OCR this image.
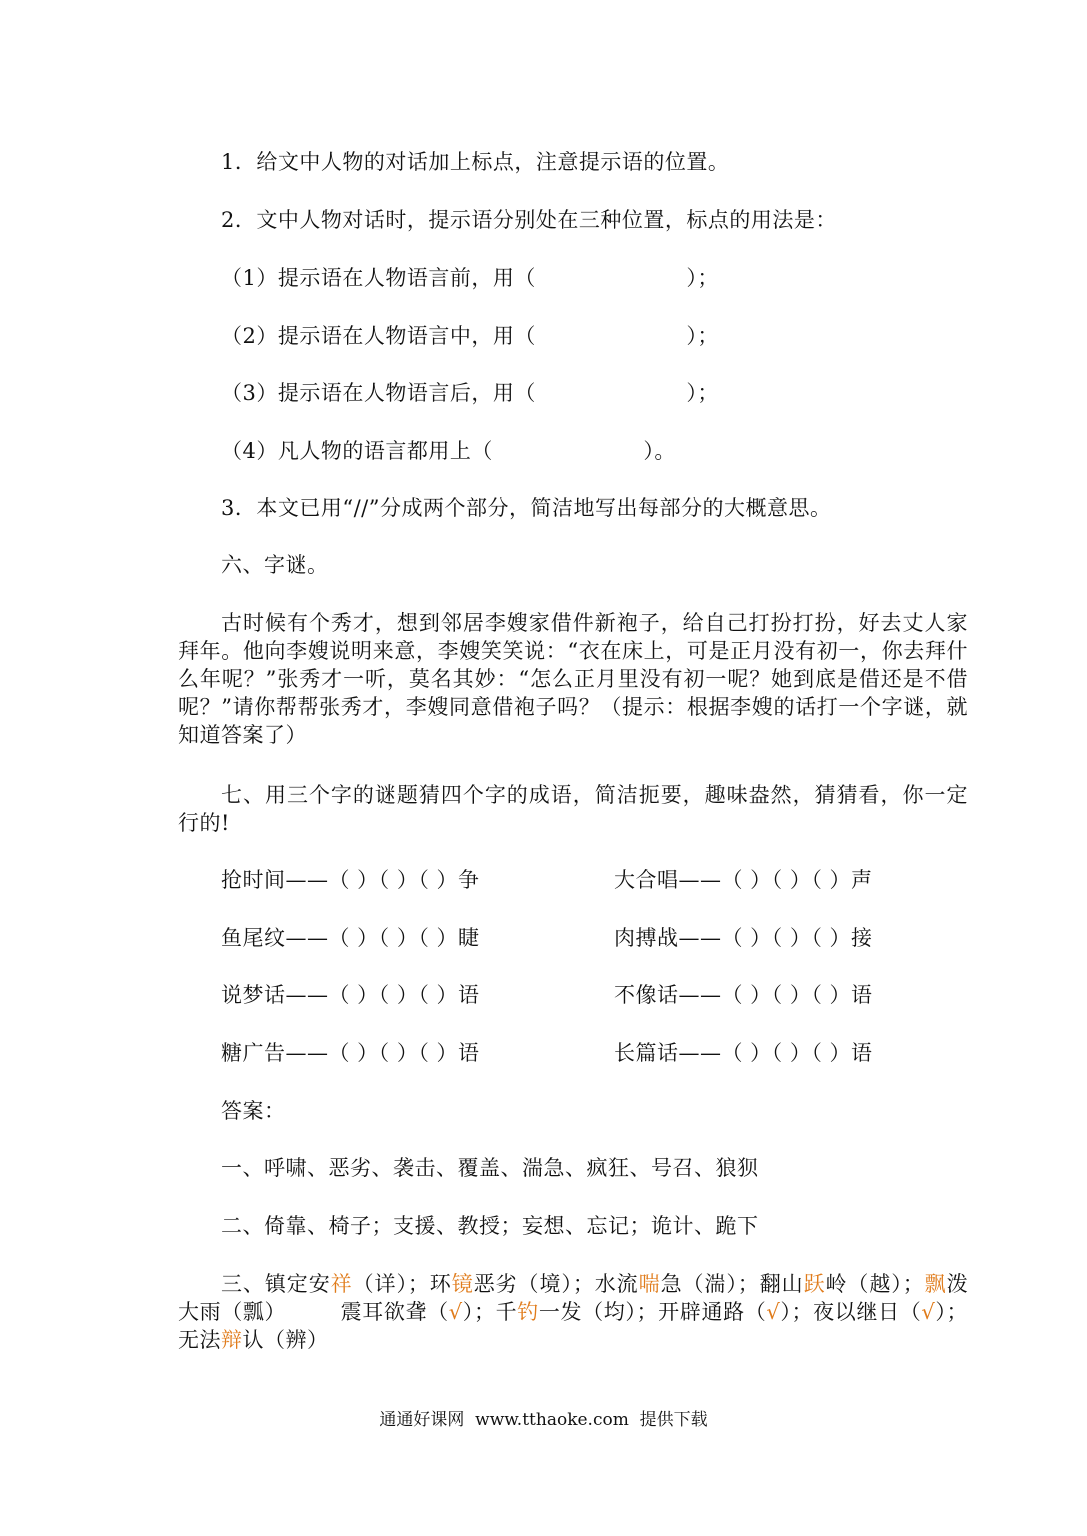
1．给文中人物的对话加上标点，注意提示语的位置。
2．文中人物对话时，提示语分别处在三种位置，标点的用法是：
（1）提示语在人物语言前，用（　　　　　　　）；
（2）提示语在人物语言中，用（　　　　　　　）；
（3）提示语在人物语言后，用（　　　　　　　）；
（4）凡人物的语言都用上（　　　　　　　）。
3．本文已用“//”分成两个部分，简洁地写出每部分的大概意思。
六、字谜。
古时候有个秀才，想到邻居李嫂家借件新袍子，给自己打扮打扮，好去丈人家拜年。他向李嫂说明来意，李嫂笑笑说：“衣在床上，可是正月没有初一，你去拜什么年呢？”张秀才一听，莫名其妙：“怎么正月里没有初一呢？她到底是借还是不借呢？”请你帮帮张秀才，李嫂同意借袍子吗？（提示：根据李嫂的话打一个字谜，就知道答案了）
七、用三个字的谜题猜四个字的成语，简洁扼要，趣味盎然，猜猜看，你一定行的!
抢时间——（ ）（ ）（ ）争	大合唱——（ ）（ ）（ ）声
鱼尾纹——（ ）（ ）（ ）睫	肉搏战——（ ）（ ）（ ）接
说梦话——（ ）（ ）（ ）语	不像话——（ ）（ ）（ ）语
糖广告——（ ）（ ）（ ）语	长篇话——（ ）（ ）（ ）语
答案：
一、呼啸、恶劣、袭击、覆盖、湍急、疯狂、号召、狼狈
二、倚靠、椅子；支援、教授；妄想、忘记；诡计、跪下
三、镇定安祥（详）；环镜恶劣（境）；水流喘急（湍）；翻山跃岭（越）；飘泼大雨（瓢）　　　震耳欲聋（√）；千钓一发（均）；开辟通路（√）；夜以继日（√）；无法辩认（辨）
通通好课网  www.tthaoke.com  提供下载
